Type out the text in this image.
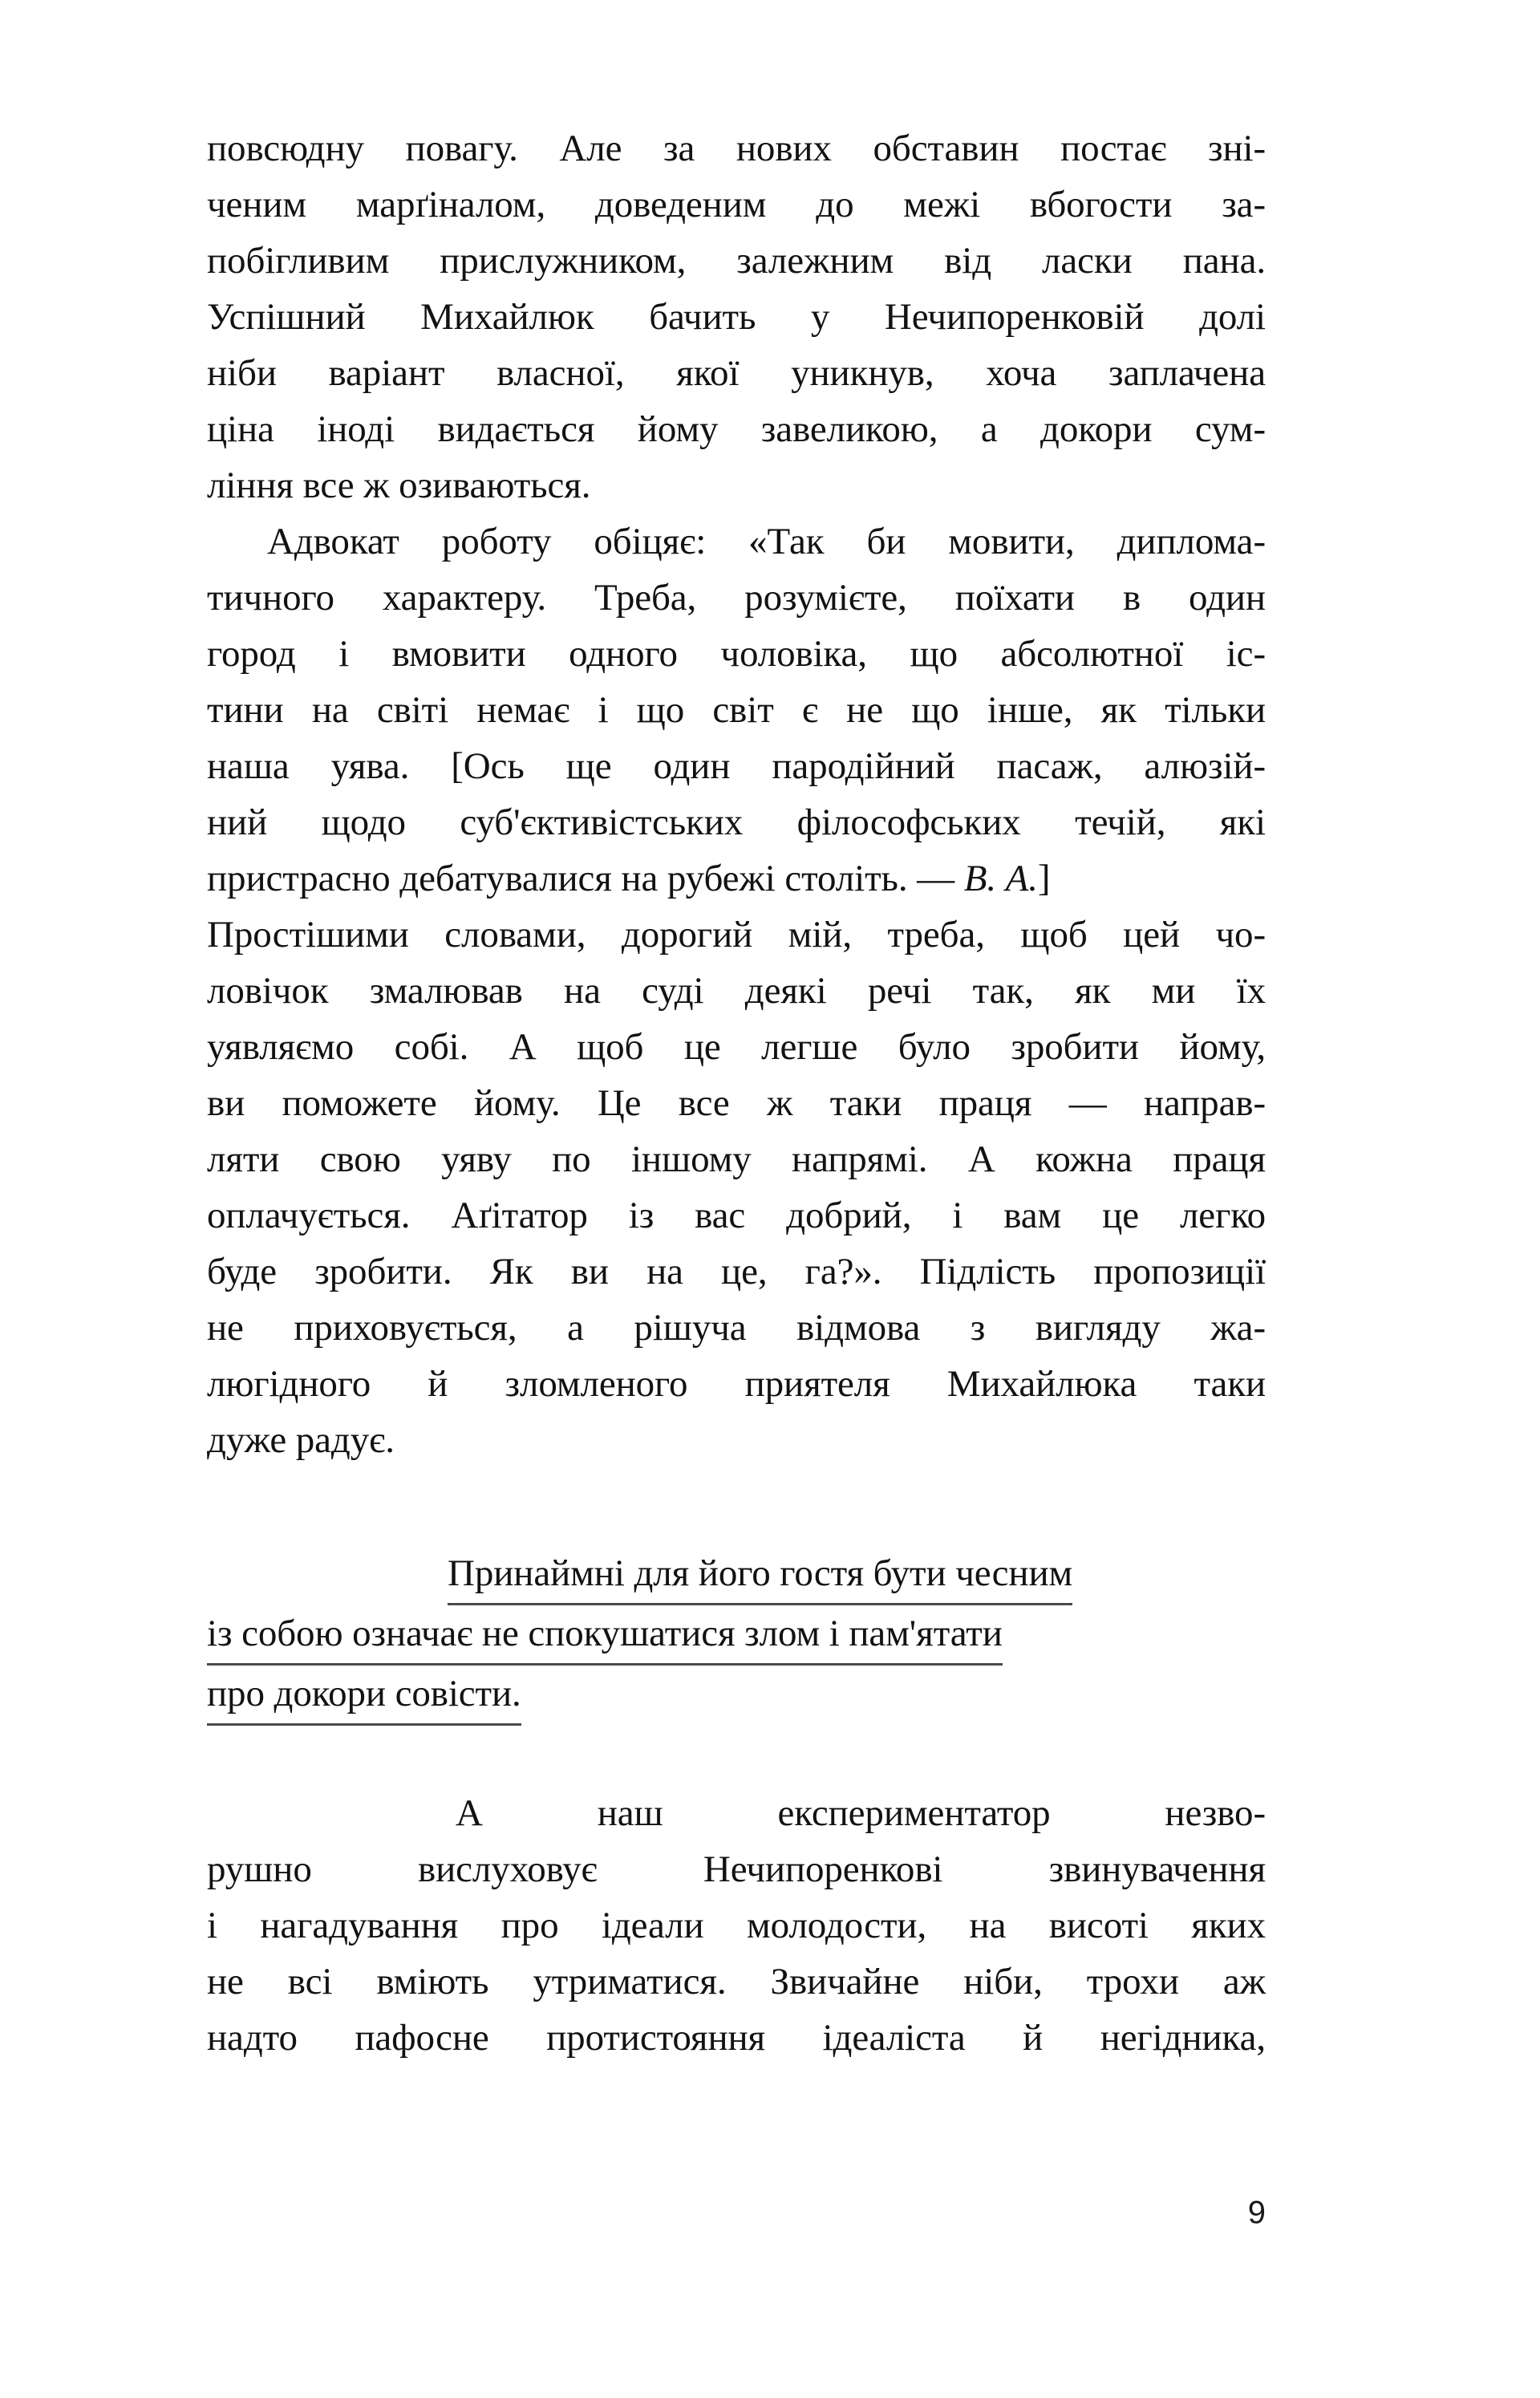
повсюдну повагу. Але за нових обставин постає зні-
ченим марґіналом, доведеним до межі вбогости за-
побігливим прислужником, залежним від ласки пана.
Успішний Михайлюк бачить у Нечипоренковій долі
ніби варіант власної, якої уникнув, хоча заплачена
ціна іноді видається йому завеликою, а докори сум-
ління все ж озиваються.
Адвокат роботу обіцяє: «Так би мовити, диплома-
тичного характеру. Треба, розумієте, поїхати в один
город і вмовити одного чоловіка, що абсолютної іс-
тини на світі немає і що світ є не що інше, як тільки
наша уява. [Ось ще один пародійний пасаж, алюзій-
ний щодо суб'єктивістських філософських течій, які
пристрасно дебатувалися на рубежі століть. — В. А.]
Простішими словами, дорогий мій, треба, щоб цей чо-
ловічок змалював на суді деякі речі так, як ми їх
уявляємо собі. А щоб це легше було зробити йому,
ви поможете йому. Це все ж таки праця — направ-
ляти свою уяву по іншому напрямі. А кожна праця
оплачується. Аґітатор із вас добрий, і вам це легко
буде зробити. Як ви на це, га?». Підлість пропозиції
не приховується, а рішуча відмова з вигляду жа-
люгідного й зломленого приятеля Михайлюка таки
дуже радує.
Принаймні для його гостя бути чесним
із собою означає не спокушатися злом і пам'ятати
про докори совісти.
А наш експериментатор незво-
рушно вислуховує Нечипоренкові звинувачення
і нагадування про ідеали молодости, на висоті яких
не всі вміють утриматися. Звичайне ніби, трохи аж
надто пафосне протистояння ідеаліста й негідника,
9
